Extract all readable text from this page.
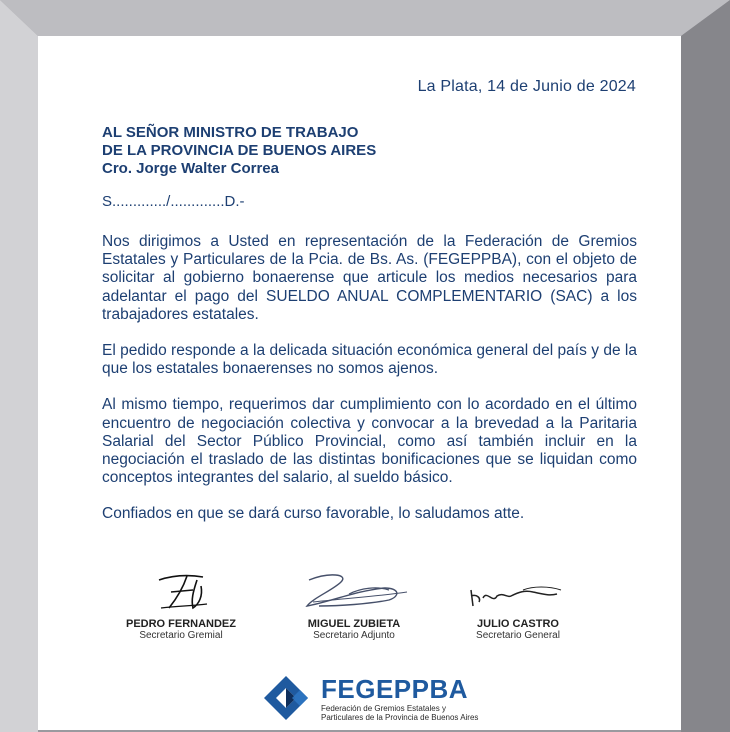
La Plata, 14 de Junio de 2024
AL SEÑOR MINISTRO DE TRABAJO
DE LA PROVINCIA DE BUENOS AIRES
Cro. Jorge Walter Correa
S............./.............D.-

Nos dirigimos a Usted en representación de la Federación de Gremios Estatales y Particulares de la Pcia. de Bs. As. (FEGEPPBA), con el objeto de solicitar al gobierno bonaerense que articule los medios necesarios para adelantar el pago del SUELDO ANUAL COMPLEMENTARIO (SAC) a los trabajadores estatales.

El pedido responde a la delicada situación económica general del país y de la que los estatales bonaerenses no somos ajenos.

Al mismo tiempo, requerimos dar cumplimiento con lo acordado en el último encuentro de negociación colectiva y convocar a la brevedad a la Paritaria Salarial del Sector Público Provincial, como así también incluir en la negociación el traslado de las distintas bonificaciones que se liquidan como conceptos integrantes del salario, al sueldo básico.

Confiados en que se dará curso favorable, lo saludamos atte.

PEDRO FERNANDEZ
Secretario Gremial
MIGUEL ZUBIETA
Secretario Adjunto
JULIO CASTRO
Secretario General
FEGEPPBA
Federación de Gremios Estatales y
Particulares de la Provincia de Buenos Aires
